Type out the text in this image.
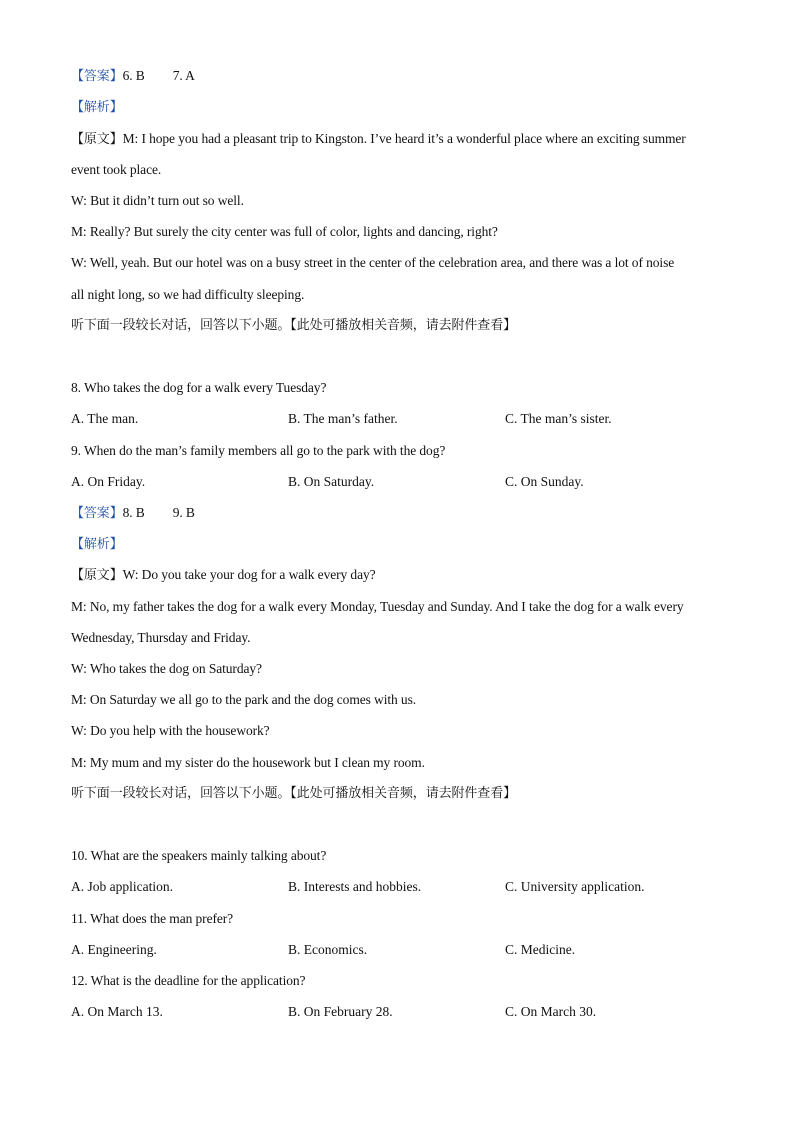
【答案】6. B 7. A
【解析】
【原文】M: I hope you had a pleasant trip to Kingston. I’ve heard it’s a wonderful place where an exciting summer
event took place.
W: But it didn’t turn out so well.
M: Really? But surely the city center was full of color, lights and dancing, right?
W: Well, yeah. But our hotel was on a busy street in the center of the celebration area, and there was a lot of noise
all night long, so we had difficulty sleeping.
听下面一段较长对话，回答以下小题。【此处可播放相关音频，请去附件查看】
8. Who takes the dog for a walk every Tuesday?
A. The man.	B. The man’s father.	C. The man’s sister.
9. When do the man’s family members all go to the park with the dog?
A. On Friday.	B. On Saturday.	C. On Sunday.
【答案】8. B 9. B
【解析】
【原文】W: Do you take your dog for a walk every day?
M: No, my father takes the dog for a walk every Monday, Tuesday and Sunday. And I take the dog for a walk every
Wednesday, Thursday and Friday.
W: Who takes the dog on Saturday?
M: On Saturday we all go to the park and the dog comes with us.
W: Do you help with the housework?
M: My mum and my sister do the housework but I clean my room.
听下面一段较长对话，回答以下小题。【此处可播放相关音频，请去附件查看】
10. What are the speakers mainly talking about?
A. Job application.	B. Interests and hobbies.	C. University application.
11. What does the man prefer?
A. Engineering.	B. Economics.	C. Medicine.
12. What is the deadline for the application?
A. On March 13.	B. On February 28.	C. On March 30.
